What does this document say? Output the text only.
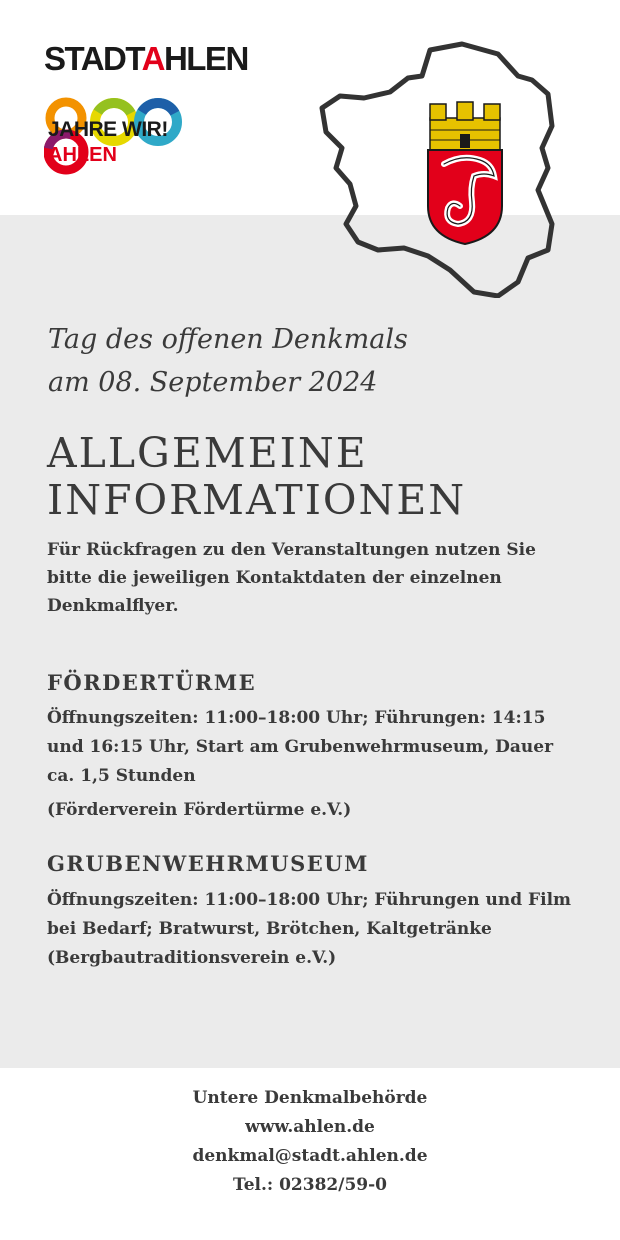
STADTAHLEN
800
JAHRE WIR!
AHLEN
Tag des offenen Denkmals
am 08. September 2024
ALLGEMEINE
INFORMATIONEN
Für Rückfragen zu den Veranstaltungen nutzen Sie bitte die jeweiligen Kontaktdaten der einzelnen Denkmalflyer.
FÖRDERTÜRME
Öffnungszeiten: 11:00–18:00 Uhr; Führungen: 14:15 und 16:15 Uhr, Start am Grubenwehrmuseum, Dauer ca. 1,5 Stunden
(Förderverein Fördertürme e.V.)
GRUBENWEHRMUSEUM
Öffnungszeiten: 11:00–18:00 Uhr; Führungen und Film bei Bedarf; Bratwurst, Brötchen, Kaltgetränke
(Bergbautraditionsverein e.V.)
Untere Denkmalbehörde
www.ahlen.de
denkmal@stadt.ahlen.de
Tel.: 02382/59-0
